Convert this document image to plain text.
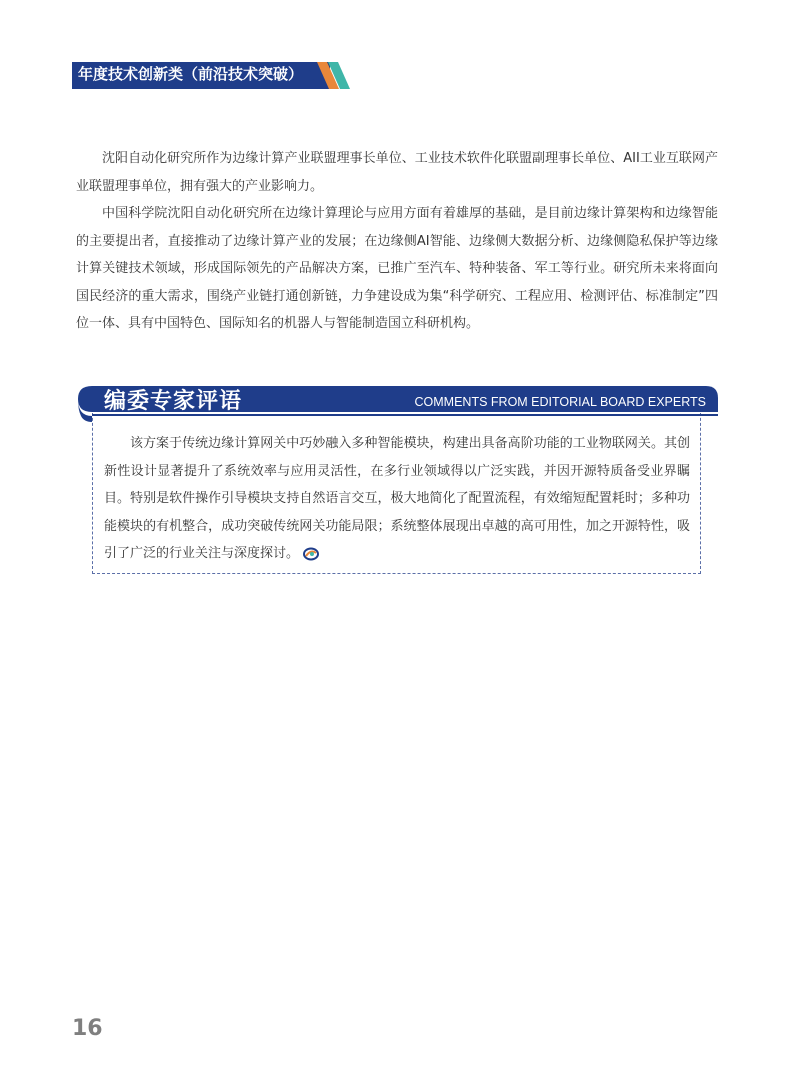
年度技术创新类（前沿技术突破）

沈阳自动化研究所作为边缘计算产业联盟理事长单位、工业技术软件化联盟副理事长单位、AII工业互联网产业联盟理事单位，拥有强大的产业影响力。

中国科学院沈阳自动化研究所在边缘计算理论与应用方面有着雄厚的基础，是目前边缘计算架构和边缘智能的主要提出者，直接推动了边缘计算产业的发展；在边缘侧AI智能、边缘侧大数据分析、边缘侧隐私保护等边缘计算关键技术领域，形成国际领先的产品解决方案，已推广至汽车、特种装备、军工等行业。研究所未来将面向国民经济的重大需求，围绕产业链打通创新链，力争建设成为集“科学研究、工程应用、检测评估、标准制定”四位一体、具有中国特色、国际知名的机器人与智能制造国立科研机构。

编委专家评语	COMMENTS FROM EDITORIAL BOARD EXPERTS

该方案于传统边缘计算网关中巧妙融入多种智能模块，构建出具备高阶功能的工业物联网关。其创新性设计显著提升了系统效率与应用灵活性，在多行业领域得以广泛实践，并因开源特质备受业界瞩目。特别是软件操作引导模块支持自然语言交互，极大地简化了配置流程，有效缩短配置耗时；多种功能模块的有机整合，成功突破传统网关功能局限；系统整体展现出卓越的高可用性，加之开源特性，吸引了广泛的行业关注与深度探讨。

16
